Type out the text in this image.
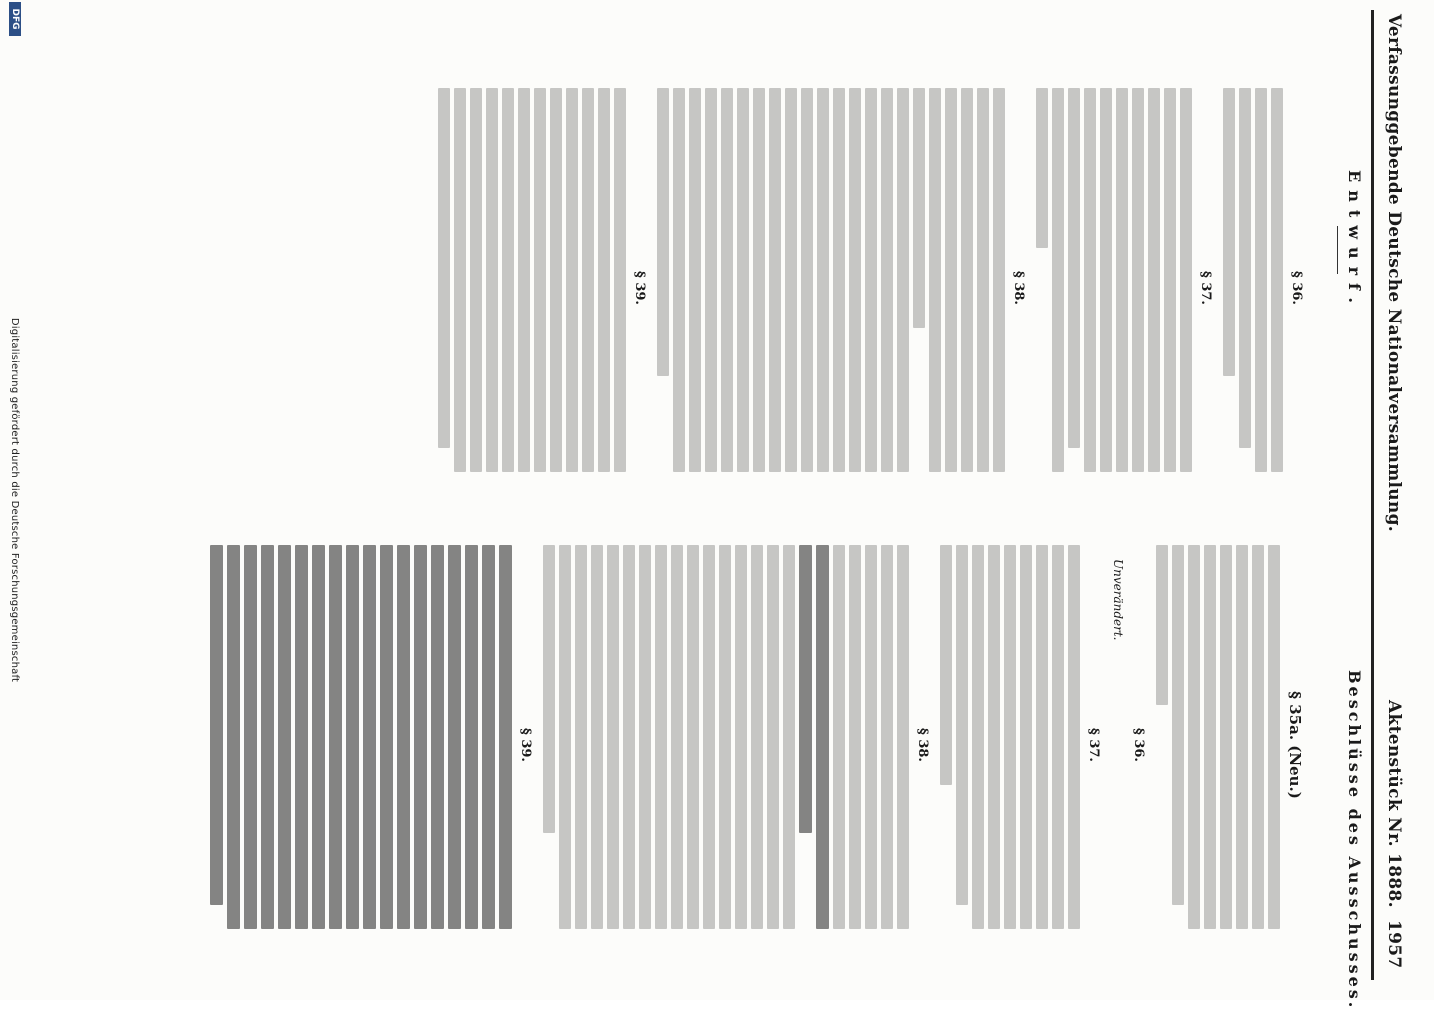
Verfassunggebende Deutsche Nationalversammlung.
Aktenstück Nr. 1888.
1957
Entwurf.
Beschlüsse des Ausschusses.
§ 36.
§ 37.
§ 38.
§ 39.
§ 35a. (Neu.)
§ 36.
Unverändert.
§ 37.
§ 38.
§ 39.
DFG
Digitalisierung gefördert durch die Deutsche Forschungsgemeinschaft
